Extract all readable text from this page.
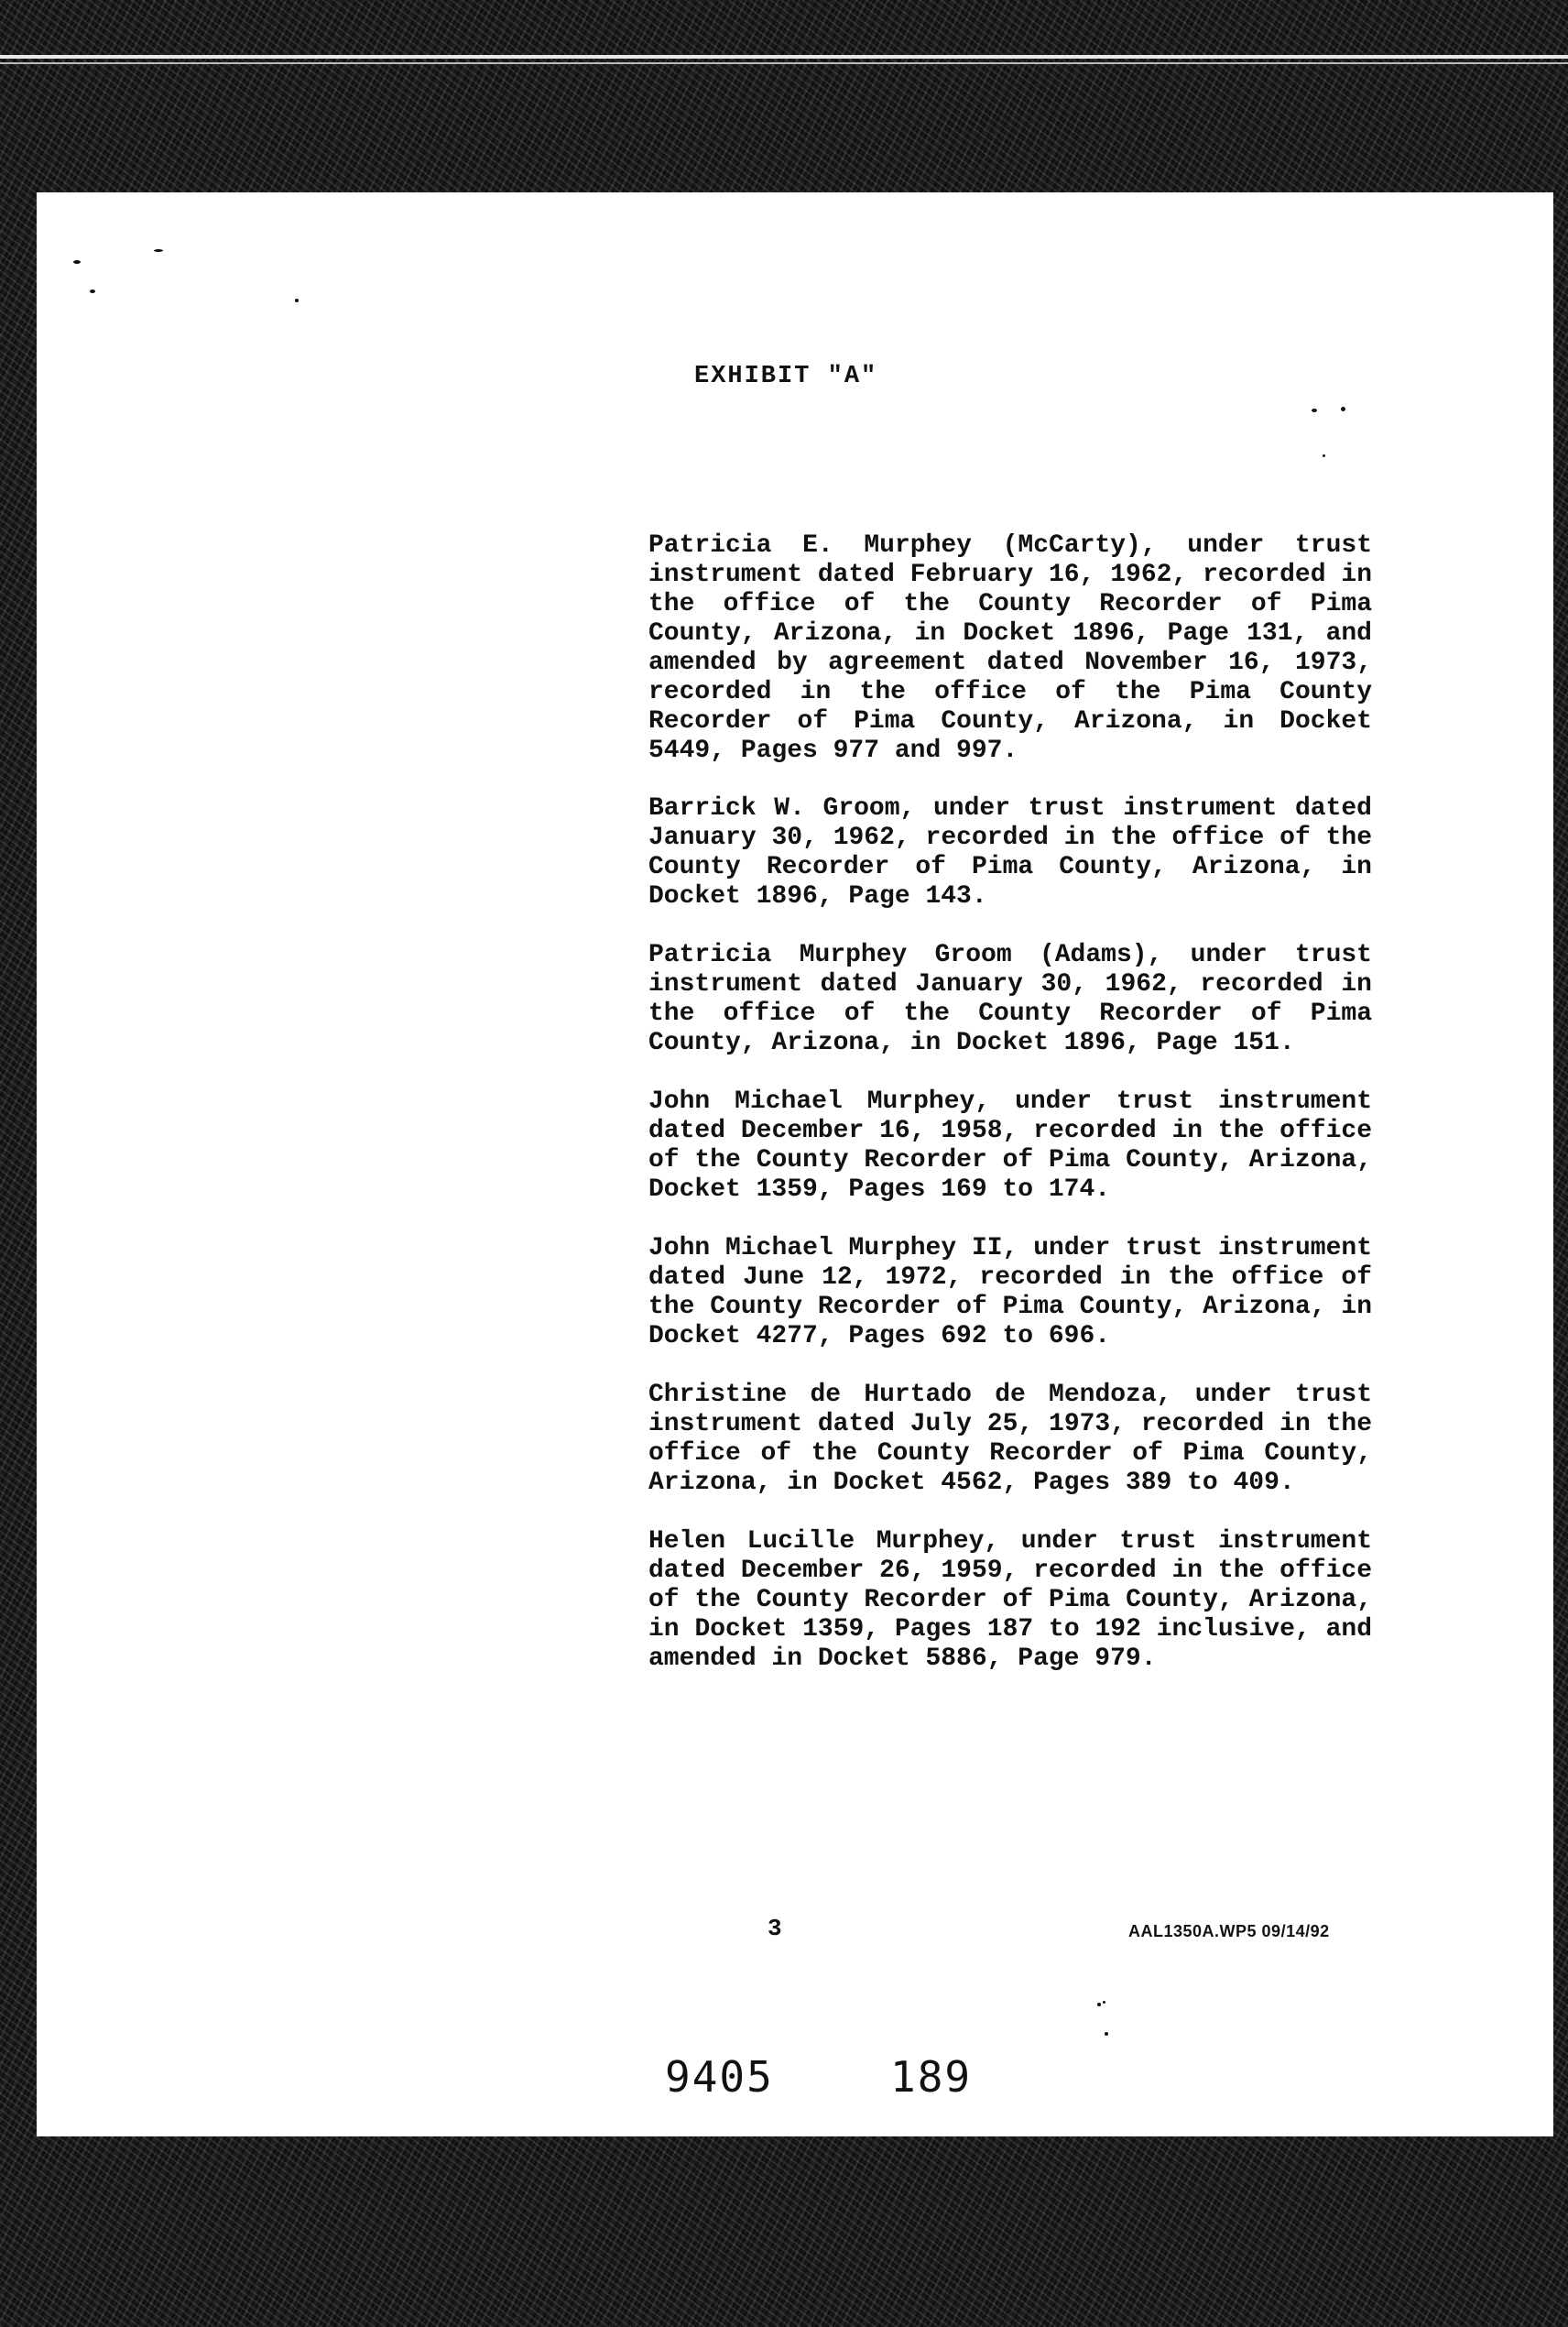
EXHIBIT "A"

Patricia E. Murphey (McCarty), under trust instrument dated February 16, 1962, recorded in the office of the County Recorder of Pima County, Arizona, in Docket 1896, Page 131, and amended by agreement dated November 16, 1973, recorded in the office of the Pima County Recorder of Pima County, Arizona, in Docket 5449, Pages 977 and 997.

Barrick W. Groom, under trust instrument dated January 30, 1962, recorded in the office of the County Recorder of Pima County, Arizona, in Docket 1896, Page 143.

Patricia Murphey Groom (Adams), under trust instrument dated January 30, 1962, recorded in the office of the County Recorder of Pima County, Arizona, in Docket 1896, Page 151.

John Michael Murphey, under trust instrument dated December 16, 1958, recorded in the office of the County Recorder of Pima County, Arizona, Docket 1359, Pages 169 to 174.

John Michael Murphey II, under trust instrument dated June 12, 1972, recorded in the office of the County Recorder of Pima County, Arizona, in Docket 4277, Pages 692 to 696.

Christine de Hurtado de Mendoza, under trust instrument dated July 25, 1973, recorded in the office of the County Recorder of Pima County, Arizona, in Docket 4562, Pages 389 to 409.

Helen Lucille Murphey, under trust instrument dated December 26, 1959, recorded in the office of the County Recorder of Pima County, Arizona, in Docket 1359, Pages 187 to 192 inclusive, and amended in Docket 5886, Page 979.

3	AAL1350A.WP5 09/14/92
9405	189
